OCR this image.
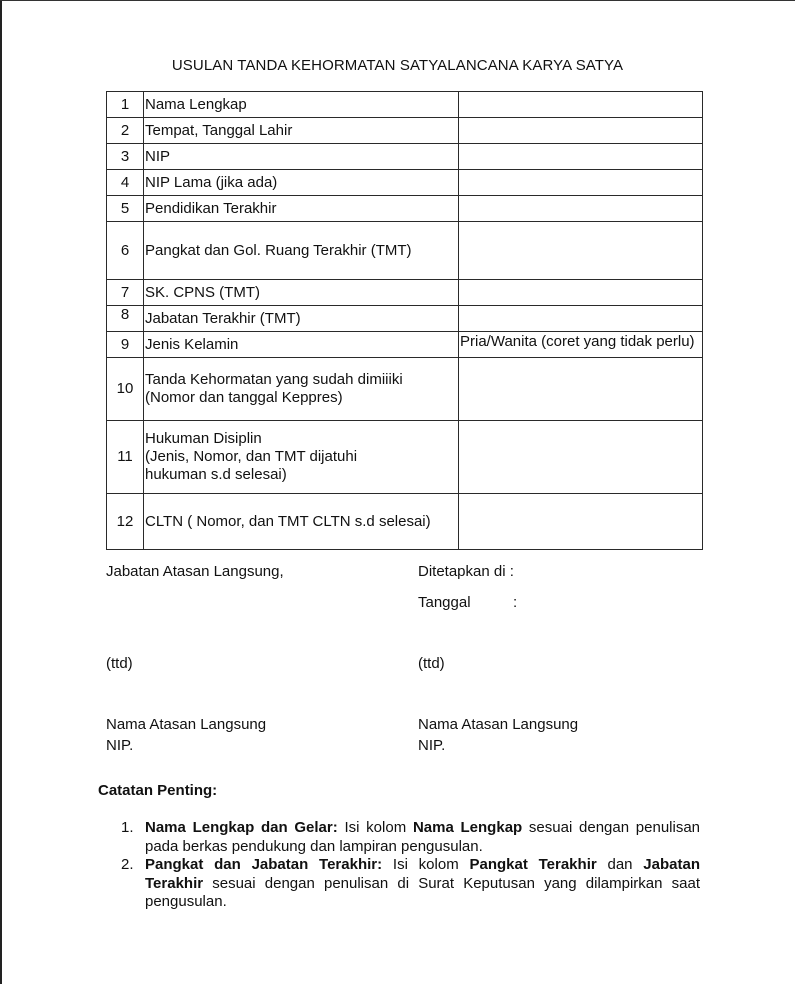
USULAN TANDA KEHORMATAN SATYALANCANA KARYA SATYA
1	Nama Lengkap	
2	Tempat, Tanggal Lahir	
3	NIP	
4	NIP Lama (jika ada)	
5	Pendidikan Terakhir	
6	Pangkat dan Gol. Ruang Terakhir (TMT)	
7	SK. CPNS (TMT)	
8	Jabatan Terakhir (TMT)	
9	Jenis Kelamin	Pria/Wanita (coret yang tidak perlu)
10	Tanda Kehormatan yang sudah dimiiiki (Nomor dan tanggal Keppres)	
11	Hukuman Disiplin
(Jenis, Nomor, dan TMT dijatuhi hukuman s.d selesai)	

12	CLTN ( Nomor, dan TMT CLTN s.d selesai)	
Jabatan Atasan Langsung,	Ditetapkan di :
Tanggal	:
(ttd)	(ttd)
Nama Atasan Langsung
NIP.
Nama Atasan Langsung
NIP.
Catatan Penting:
1. Nama Lengkap dan Gelar: Isi kolom Nama Lengkap sesuai dengan penulisan pada berkas pendukung dan lampiran pengusulan.
2. Pangkat dan Jabatan Terakhir: Isi kolom Pangkat Terakhir dan Jabatan Terakhir sesuai dengan penulisan di Surat Keputusan yang dilampirkan saat pengusulan.
